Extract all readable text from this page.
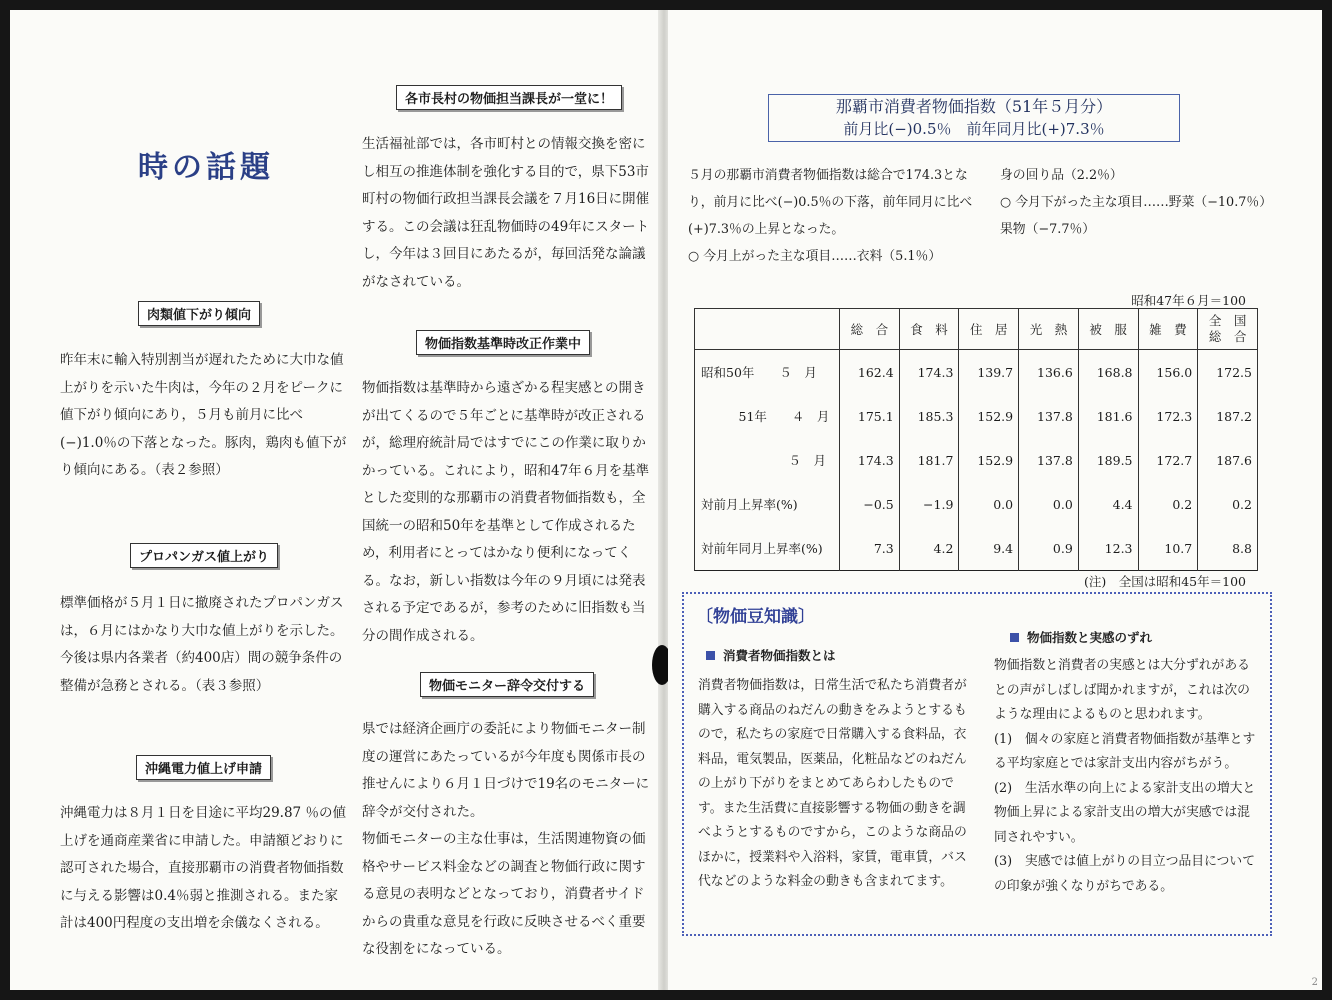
時の話題
各市長村の物価担当課長が一堂に！

生活福祉部では，各市町村との情報交換を密にし相互の推進体制を強化する目的で，県下53市町村の物価行政担当課長会議を７月16日に開催する。この会議は狂乱物価時の49年にスタートし，今年は３回目にあたるが，毎回活発な論議がなされている。

肉類値下がり傾向

昨年末に輸入特別割当が遅れたために大巾な値上がりを示いた牛肉は，今年の２月をピークに値下がり傾向にあり，５月も前月に比べ(−)1.0％の下落となった。豚肉，鶏肉も値下がり傾向にある。（表２参照）

物価指数基準時改正作業中

物価指数は基準時から遠ざかる程実感との開きが出てくるので５年ごとに基準時が改正されるが，総理府統計局ではすでにこの作業に取りかかっている。これにより，昭和47年６月を基準とした変則的な那覇市の消費者物価指数も，全国統一の昭和50年を基準として作成されるため，利用者にとってはかなり便利になってくる。なお，新しい指数は今年の９月頃には発表される予定であるが，参考のために旧指数も当分の間作成される。

プロパンガス値上がり

標準価格が５月１日に撤廃されたプロパンガスは，６月にはかなり大巾な値上がりを示した。今後は県内各業者（約400店）間の競争条件の整備が急務とされる。（表３参照）	物価モニター辞令交付する

県では経済企画庁の委託により物価モニター制度の運営にあたっているが今年度も関係市長の推せんにより６月１日づけで19名のモニターに辞令が交付された。
物価モニターの主な仕事は，生活関連物資の価格やサービス料金などの調査と物価行政に関する意見の表明などとなっており，消費者サイドからの貴重な意見を行政に反映させるべく重要な役割をになっている。

沖縄電力値上げ申請

沖縄電力は８月１日を目途に平均29.87 ％の値上げを通商産業省に申請した。申請額どおりに認可された場合，直接那覇市の消費者物価指数に与える影響は0.4％弱と推測される。また家計は400円程度の支出増を余儀なくされる。

那覇市消費者物価指数（51年５月分）
前月比(−)0.5％　前年同月比(+)7.3％

５月の那覇市消費者物価指数は総合で174.3となり，前月に比べ(−)0.5％の下落，前年同月に比べ(+)7.3％の上昇となった。
○ 今月上がった主な項目……衣料（5.1％）

身の回り品（2.2％）
○ 今月下がった主な項目……野菜（−10.7％）
果物（−7.7％）

昭和47年６月＝100
	総　合	食　料	住　居	光　熱	被　服	雑　費	全　国
総　合
昭和50年　　５　月	162.4	174.3	139.7	136.6	168.8	156.0	172.5
　　　51年　　４　月	175.1	185.3	152.9	137.8	181.6	172.3	187.2
　　　　　　　５　月	174.3	181.7	152.9	137.8	189.5	172.7	187.6
対前月上昇率(%)	−0.5	−1.9	0.0	0.0	4.4	0.2	0.2
対前年同月上昇率(%)	7.3	4.2	9.4	0.9	12.3	10.7	8.8
(注)　全国は昭和45年＝100
〔物価豆知識〕
消費者物価指数とは

消費者物価指数は，日常生活で私たち消費者が購入する商品のねだんの動きをみようとするもので，私たちの家庭で日常購入する食料品，衣料品，電気製品，医薬品，化粧品などのねだんの上がり下がりをまとめてあらわしたものです。また生活費に直接影響する物価の動きを調べようとするものですから，このような商品のほかに，授業料や入浴料，家賃，電車賃，バス代などのような料金の動きも含まれてます。

物価指数と実感のずれ

物価指数と消費者の実感とは大分ずれがあるとの声がしばしば聞かれますが，これは次のような理由によるものと思われます。
(1)　個々の家庭と消費者物価指数が基準とする平均家庭とでは家計支出内容がちがう。
(2)　生活水準の向上による家計支出の増大と物価上昇による家計支出の増大が実感では混同されやすい。
(3)　実感では値上がりの目立つ品目についての印象が強くなりがちである。

2
